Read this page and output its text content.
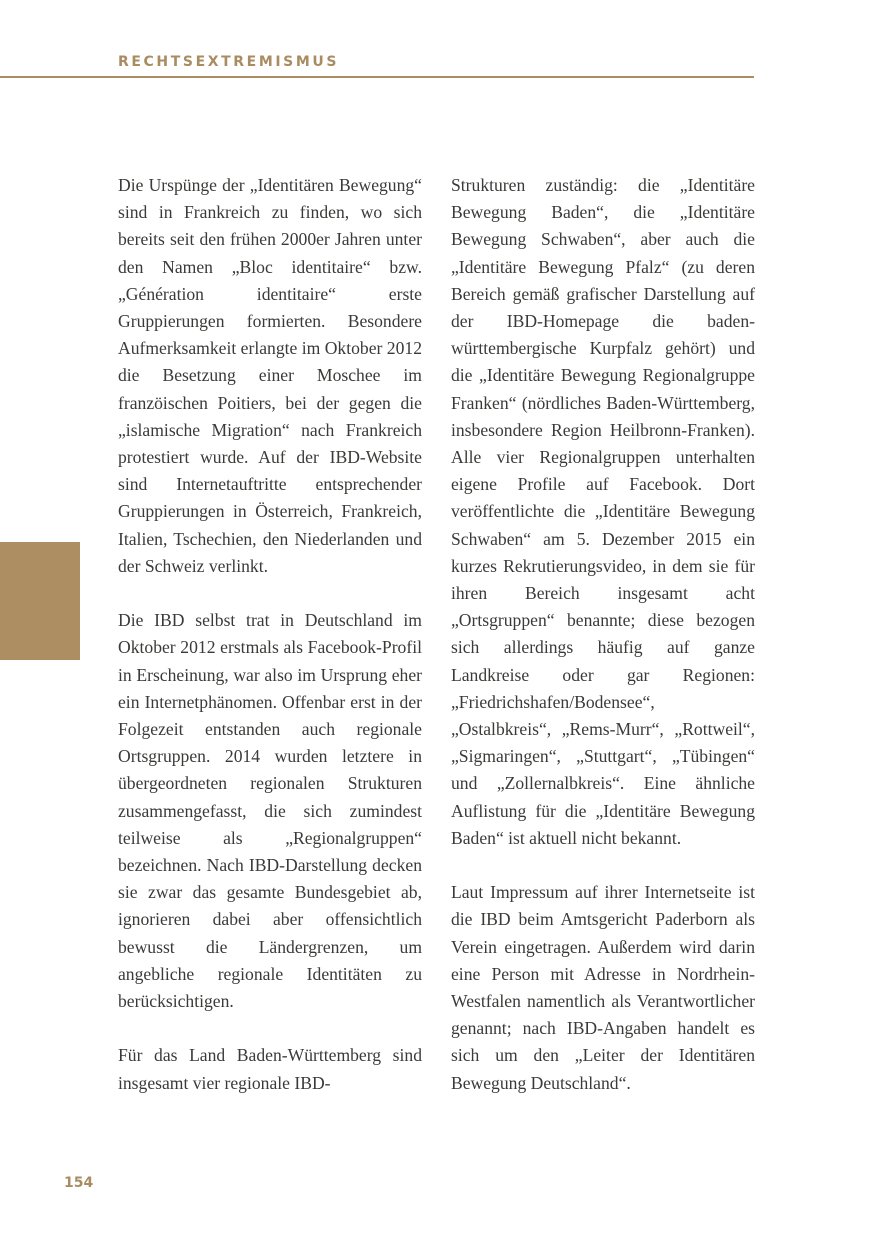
RECHTSEXTREMISMUS

Die Urspünge der „Identitären Bewegung“ sind in Frankreich zu finden, wo sich bereits seit den frühen 2000er Jahren unter den Namen „Bloc identitaire“ bzw. „Génération identitaire“ erste Gruppierungen formierten. Besondere Aufmerksamkeit erlangte im Oktober 2012 die Besetzung einer Moschee im franzöischen Poitiers, bei der gegen die „islamische Migration“ nach Frankreich protestiert wurde. Auf der IBD-Website sind Internetauftritte entsprechender Gruppierungen in Österreich, Frankreich, Italien, Tschechien, den Niederlanden und der Schweiz verlinkt.

Die IBD selbst trat in Deutschland im Oktober 2012 erstmals als Facebook-Profil in Erscheinung, war also im Ursprung eher ein Internetphänomen. Offenbar erst in der Folgezeit entstanden auch regionale Ortsgruppen. 2014 wurden letztere in übergeordneten regionalen Strukturen zusammengefasst, die sich zumindest teilweise als „Regionalgruppen“ bezeichnen. Nach IBD-Darstellung decken sie zwar das gesamte Bundesgebiet ab, ignorieren dabei aber offensichtlich bewusst die Ländergrenzen, um angebliche regionale Identitäten zu berücksichtigen.

Für das Land Baden-Württemberg sind insgesamt vier regionale IBD-

Strukturen zuständig: die „Identitäre Bewegung Baden“, die „Identitäre Bewegung Schwaben“, aber auch die „Identitäre Bewegung Pfalz“ (zu deren Bereich gemäß grafischer Darstellung auf der IBD-Homepage die baden-württembergische Kurpfalz gehört) und die „Identitäre Bewegung Regionalgruppe Franken“ (nördliches Baden-Württemberg, insbesondere Region Heilbronn-Franken). Alle vier Regionalgruppen unterhalten eigene Profile auf Facebook. Dort veröffentlichte die „Identitäre Bewegung Schwaben“ am 5. Dezember 2015 ein kurzes Rekrutierungsvideo, in dem sie für ihren Bereich insgesamt acht „Ortsgruppen“ benannte; diese bezogen sich allerdings häufig auf ganze Landkreise oder gar Regionen: „Friedrichshafen/Bodensee“, „Ostalbkreis“, „Rems-Murr“, „Rottweil“, „Sigmaringen“, „Stuttgart“, „Tübingen“ und „Zollernalbkreis“. Eine ähnliche Auflistung für die „Identitäre Bewegung Baden“ ist aktuell nicht bekannt.

Laut Impressum auf ihrer Internetseite ist die IBD beim Amtsgericht Paderborn als Verein eingetragen. Außerdem wird darin eine Person mit Adresse in Nordrhein-Westfalen namentlich als Verantwortlicher genannt; nach IBD-Angaben handelt es sich um den „Leiter der Identitären Bewegung Deutschland“.

154
